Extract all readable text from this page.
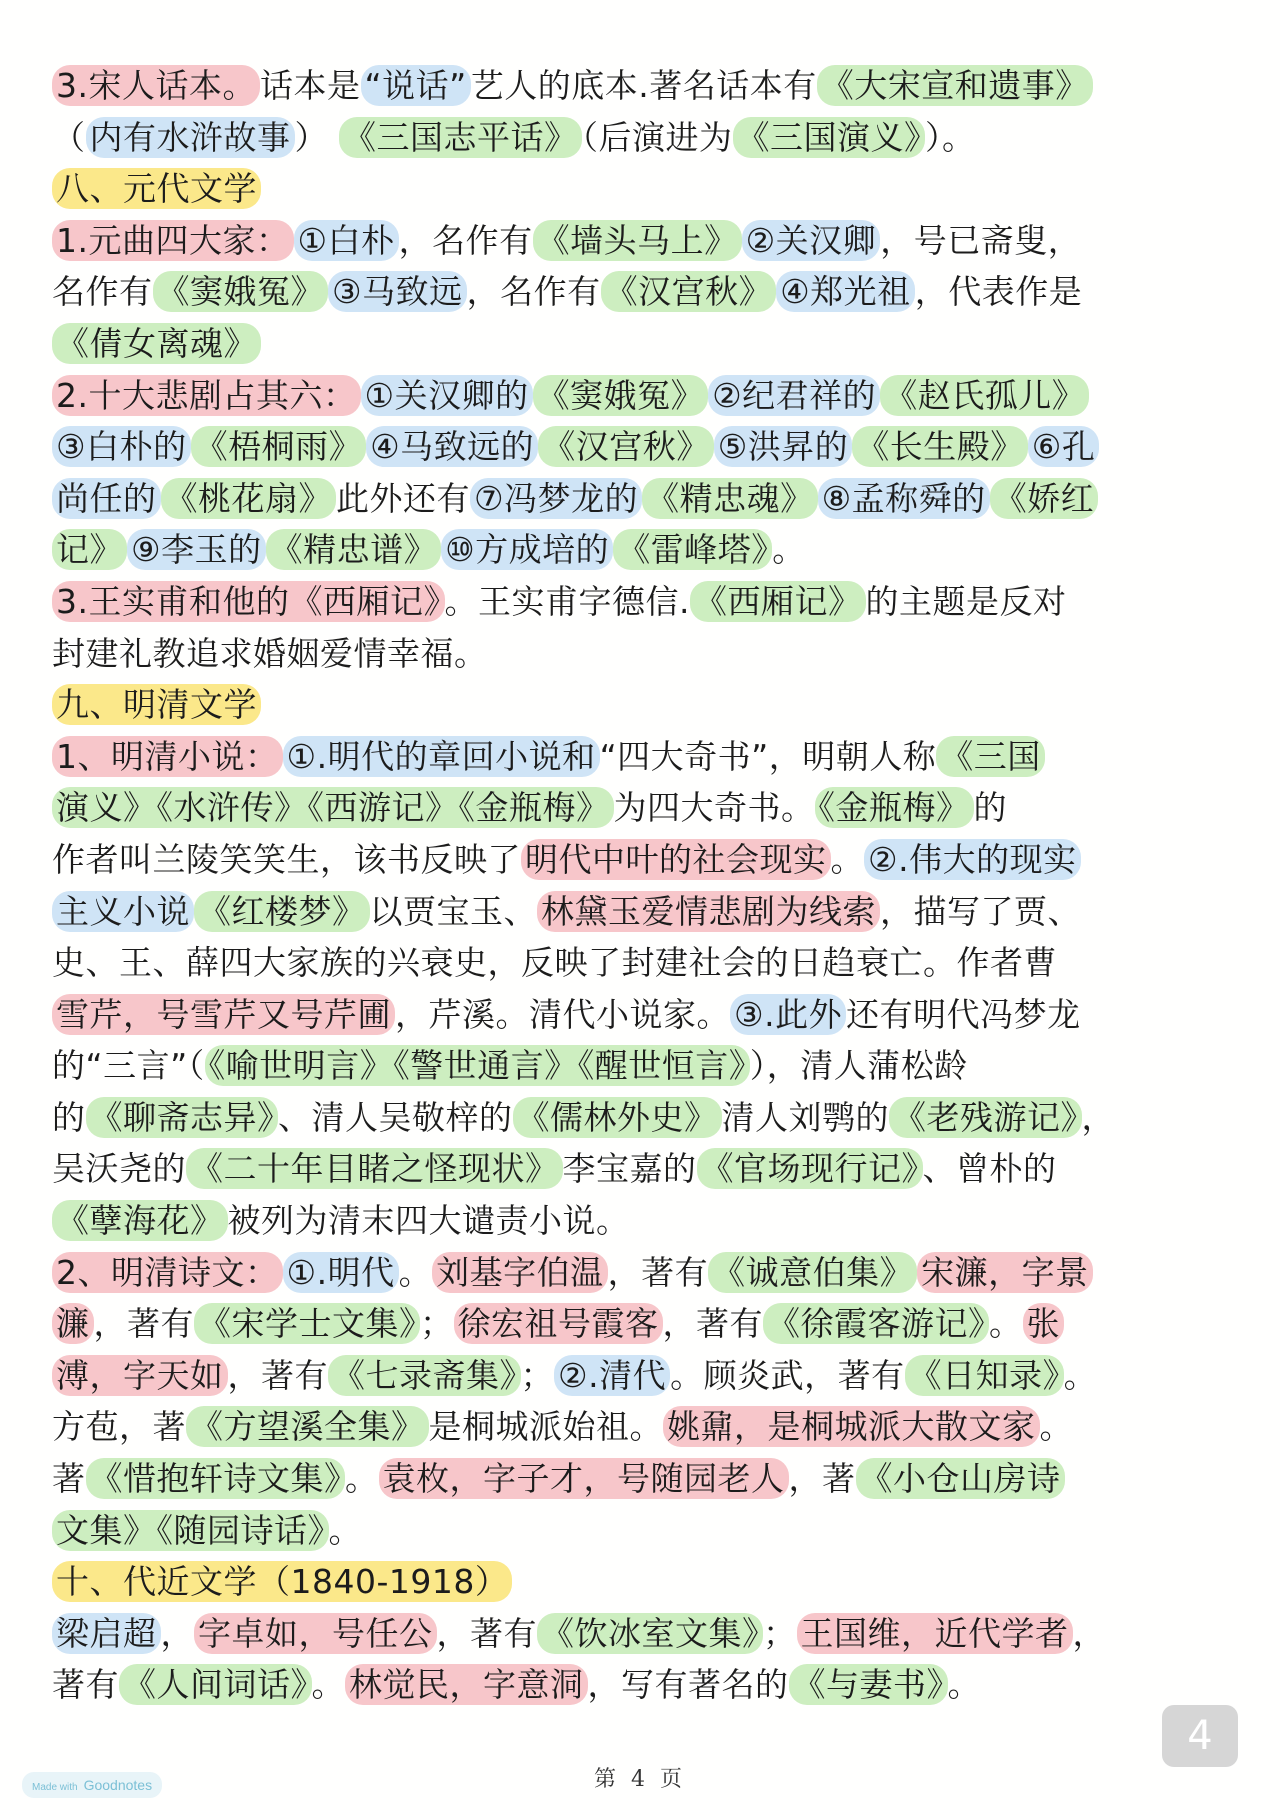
3.宋人话本。 话本是 “说话” 艺人的底本.著名话本有 《大宋宣和遗事》
（ 内有水浒故事 ） 《三国志平话》 （后演进为 《三国演义》 ）。
八、元代文学
1.元曲四大家： ①白朴 ，名作有 《墙头马上》 ②关汉卿 ，号已斋叟，
名作有 《窦娥冤》 ③马致远 ，名作有 《汉宫秋》 ④郑光祖 ，代表作是
《倩女离魂》
2.十大悲剧占其六： ①关汉卿的 《窦娥冤》 ②纪君祥的 《赵氏孤儿》
③白朴的 《梧桐雨》 ④马致远的 《汉宫秋》 ⑤洪昇的 《长生殿》 ⑥孔
尚任的 《桃花扇》 此外还有 ⑦冯梦龙的 《精忠魂》 ⑧孟称舜的 《娇红
记》 ⑨李玉的 《精忠谱》 ⑩方成培的 《雷峰塔》 。
3.王实甫和他的《西厢记》 。王实甫字德信. 《西厢记》 的主题是反对
封建礼教追求婚姻爱情幸福。
九、明清文学
1、明清小说： ①.明代的章回小说和 “四大奇书”，明朝人称 《三国
演义》《水浒传》《西游记》《金瓶梅》 为四大奇书。 《金瓶梅》 的
作者叫兰陵笑笑生，该书反映了 明代中叶的社会现实 。 ②.伟大的现实
主义小说 《红楼梦》 以贾宝玉、 林黛玉爱情悲剧为线索 ，描写了贾、
史、王、薛四大家族的兴衰史，反映了封建社会的日趋衰亡。作者曹
雪芹，号雪芹又号芹圃 ，芹溪。清代小说家。 ③.此外 还有明代冯梦龙
的“三言”（ 《喻世明言》《警世通言》《醒世恒言》 ），清人蒲松龄
的 《聊斋志异》 、清人吴敬梓的 《儒林外史》 清人刘鹗的 《老残游记》 ，
吴沃尧的 《二十年目睹之怪现状》 李宝嘉的 《官场现行记》 、曾朴的
《孽海花》 被列为清末四大谴责小说。
2、明清诗文： ①.明代 。 刘基字伯温 ，著有 《诚意伯集》 宋濂，字景
濂 ，著有 《宋学士文集》 ； 徐宏祖号霞客 ，著有 《徐霞客游记》 。 张
溥，字天如 ，著有 《七录斋集》 ； ②.清代 。顾炎武，著有 《日知录》 。
方苞，著 《方望溪全集》 是桐城派始祖。 姚鼐，是桐城派大散文家 。
著 《惜抱轩诗文集》 。 袁枚，字子才，号随园老人 ，著 《小仓山房诗
文集》《随园诗话》 。
十、代近文学（1840-1918）
梁启超 ， 字卓如，号任公 ，著有 《饮冰室文集》 ； 王国维，近代学者 ，
著有 《人间词话》 。 林觉民，字意洞 ，写有著名的 《与妻书》 。
4
第 4 页
Made with Goodnotes
